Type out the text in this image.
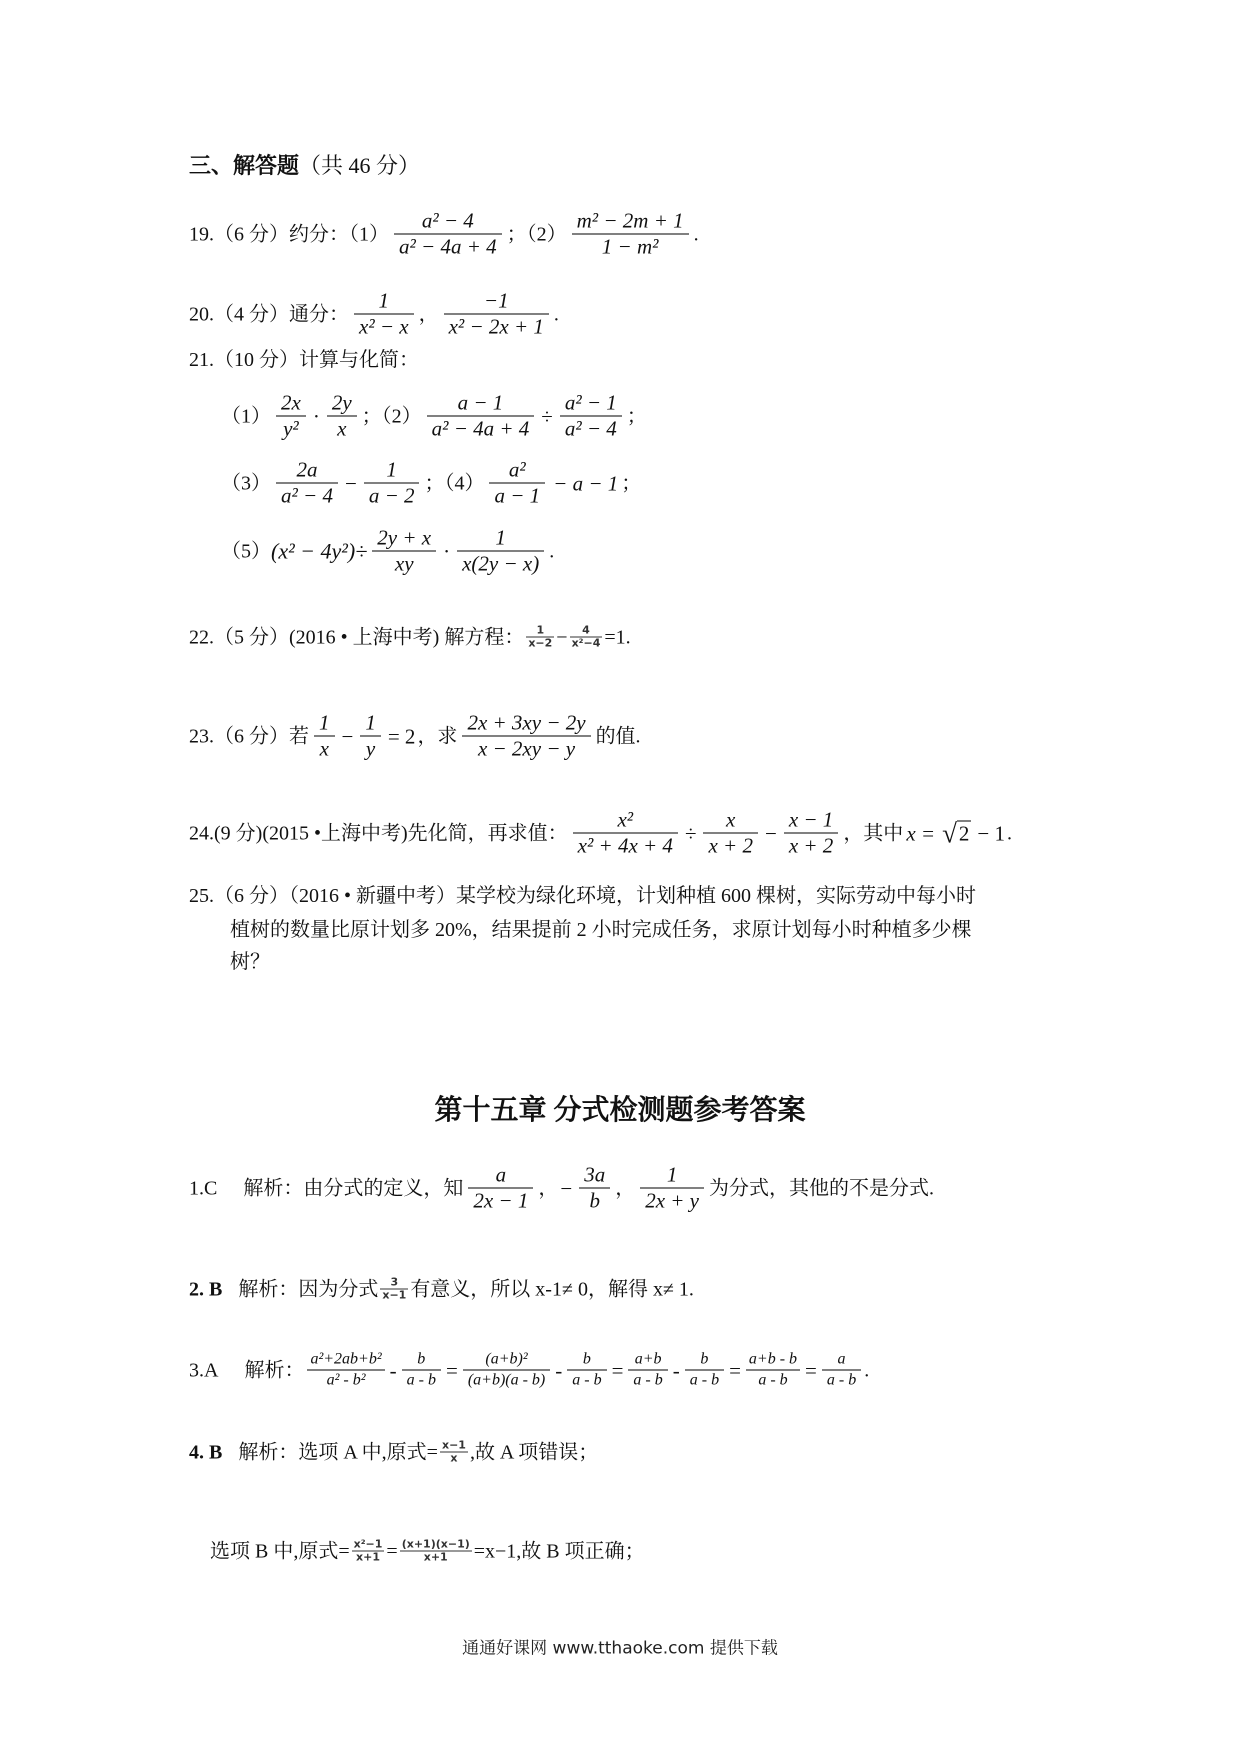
三、解答题 （共 46 分）
19.（6 分）约分：$(1) \frac{\text{a² − 4}}{\text{a² − 4a + 4}}$ ；$(2) \frac{\text{m² − 2m + 1}}{\text{1 − m²}}$ .
20.（4 分）通分： $\frac{1}{\text{x² − x}}$ ， $\frac{-1}{\text{x² − 2x + 1}}$ .
21.（10 分）计算与化简：
$(1) \frac{2x}{\text{y²}} \cdot \frac{2y}{x}$ ；$(2) \frac{a - 1}{\text{a² − 4a + 4}} \div \frac{\text{a² − 1}}{\text{a² − 4}}$ ；
$(3) \frac{2a}{\text{a² − 4}} - \frac{1}{a - 2}$ ；$(4) \frac{\text{a²}}{a - 1} - a - 1$ ；
（5） $(x^2 - 4y^2)\div \frac{2y + x}{xy} \cdot \frac{1}{x(2y - x)}$ .
22.（5 分）(2016 • 上海中考) 解方程： $\frac{1}{x-2} - \frac{4}{\text{x²−4}} =1$.
23.（6 分）若 $\frac{1}{x} - \frac{1}{y} = 2$ ，求 $\frac{2x + 3xy - 2y}{x - 2xy - y}$ 的值.
24.(9 分)(2015 •上海中考)先化简，再求值： $\frac{\text{x²}}{\text{x² + 4x + 4}} \div \frac{x}{x + 2} - \frac{x - 1}{x + 2}$ ，其中 x = √ 2 − 1 .
25.（6 分）（2016 • 新疆中考）某学校为绿化环境，计划种植 600 棵树，实际劳动中每小时
植树的数量比原计划多 20%，结果提前 2 小时完成任务，求原计划每小时种植多少棵
树？
第十五章 分式检测题参考答案
1.C 解析：由分式的定义，知 $\frac{a}{2x - 1}$ ， − $\frac{3a}{b}$ ， $\frac{1}{2x + y}$ 为分式，其他的不是分式.
2. B 解析：因为分式 $\frac{3}{x-1}$ 有意义，所以 x-1≠ 0，解得 x≠ 1.
3.A 解析： $\frac{\text{a²+2ab+b²}}{\text{a² - b²}} - \frac{b}{a - b} = \frac{\text{(a+b)²}}{(a+b)(a - b)} - \frac{b}{a - b} = \frac{a+b}{a - b} - \frac{b}{a - b} = \frac{a+b - b}{a - b} = \frac{a}{a - b}$ .
4. B 解析：选项 A 中,原式= $\frac{x-1}{x}$ ,故 A 项错误；
选项 B 中,原式= $\frac{\text{x²−1}}{x+1} = \frac{(x+1)(x-1)}{x+1} =x-1$,故 B 项正确；
通通好课网 www.tthaoke.com 提供下载
